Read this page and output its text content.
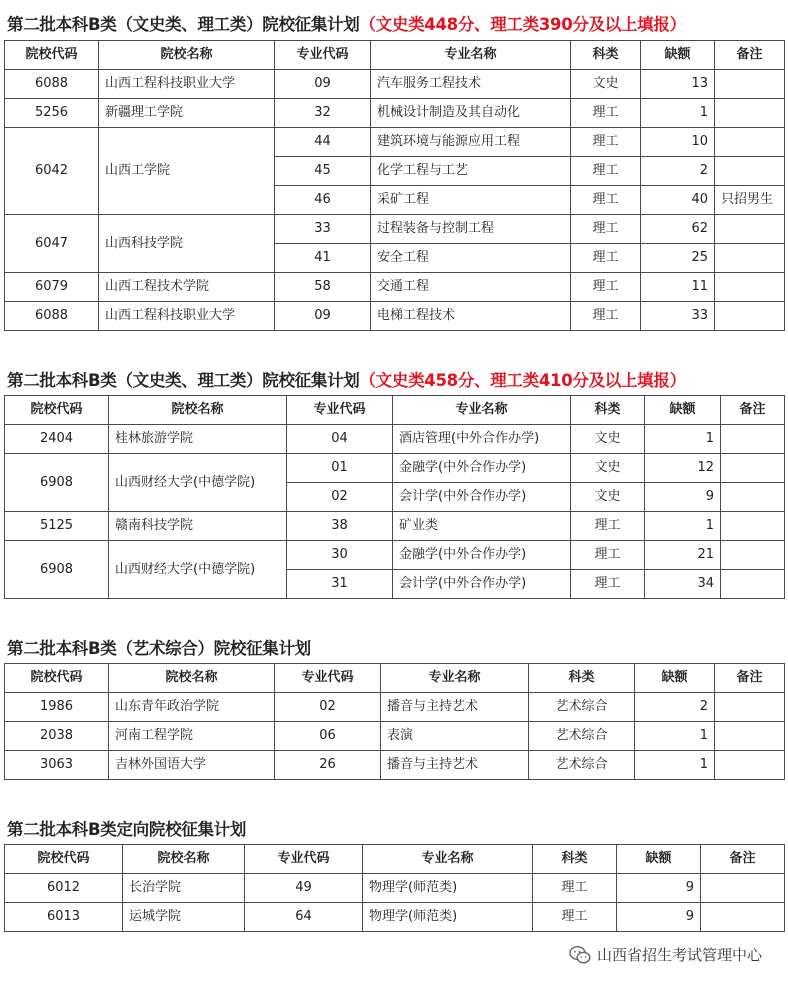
第二批本科B类（文史类、理工类）院校征集计划（文史类448分、理工类390分及以上填报）
院校代码	院校名称	专业代码	专业名称	科类	缺额	备注
6088	山西工程科技职业大学	09	汽车服务工程技术	文史	13	
5256	新疆理工学院	32	机械设计制造及其自动化	理工	1	
6042	山西工学院	44	建筑环境与能源应用工程	理工	10	
		45	化学工程与工艺	理工	2	
		46	采矿工程	理工	40	只招男生
6047	山西科技学院	33	过程装备与控制工程	理工	62	
		41	安全工程	理工	25	
6079	山西工程技术学院	58	交通工程	理工	11	
6088	山西工程科技职业大学	09	电梯工程技术	理工	33	
第二批本科B类（文史类、理工类）院校征集计划（文史类458分、理工类410分及以上填报）
院校代码	院校名称	专业代码	专业名称	科类	缺额	备注
2404	桂林旅游学院	04	酒店管理(中外合作办学)	文史	1	
6908	山西财经大学(中德学院)	01	金融学(中外合作办学)	文史	12	
		02	会计学(中外合作办学)	文史	9	
5125	赣南科技学院	38	矿业类	理工	1	
6908	山西财经大学(中德学院)	30	金融学(中外合作办学)	理工	21	
		31	会计学(中外合作办学)	理工	34	
第二批本科B类（艺术综合）院校征集计划
院校代码	院校名称	专业代码	专业名称	科类	缺额	备注
1986	山东青年政治学院	02	播音与主持艺术	艺术综合	2	
2038	河南工程学院	06	表演	艺术综合	1	
3063	吉林外国语大学	26	播音与主持艺术	艺术综合	1	
第二批本科B类定向院校征集计划
院校代码	院校名称	专业代码	专业名称	科类	缺额	备注
6012	长治学院	49	物理学(师范类)	理工	9	
6013	运城学院	64	物理学(师范类)	理工	9	
山西省招生考试管理中心
